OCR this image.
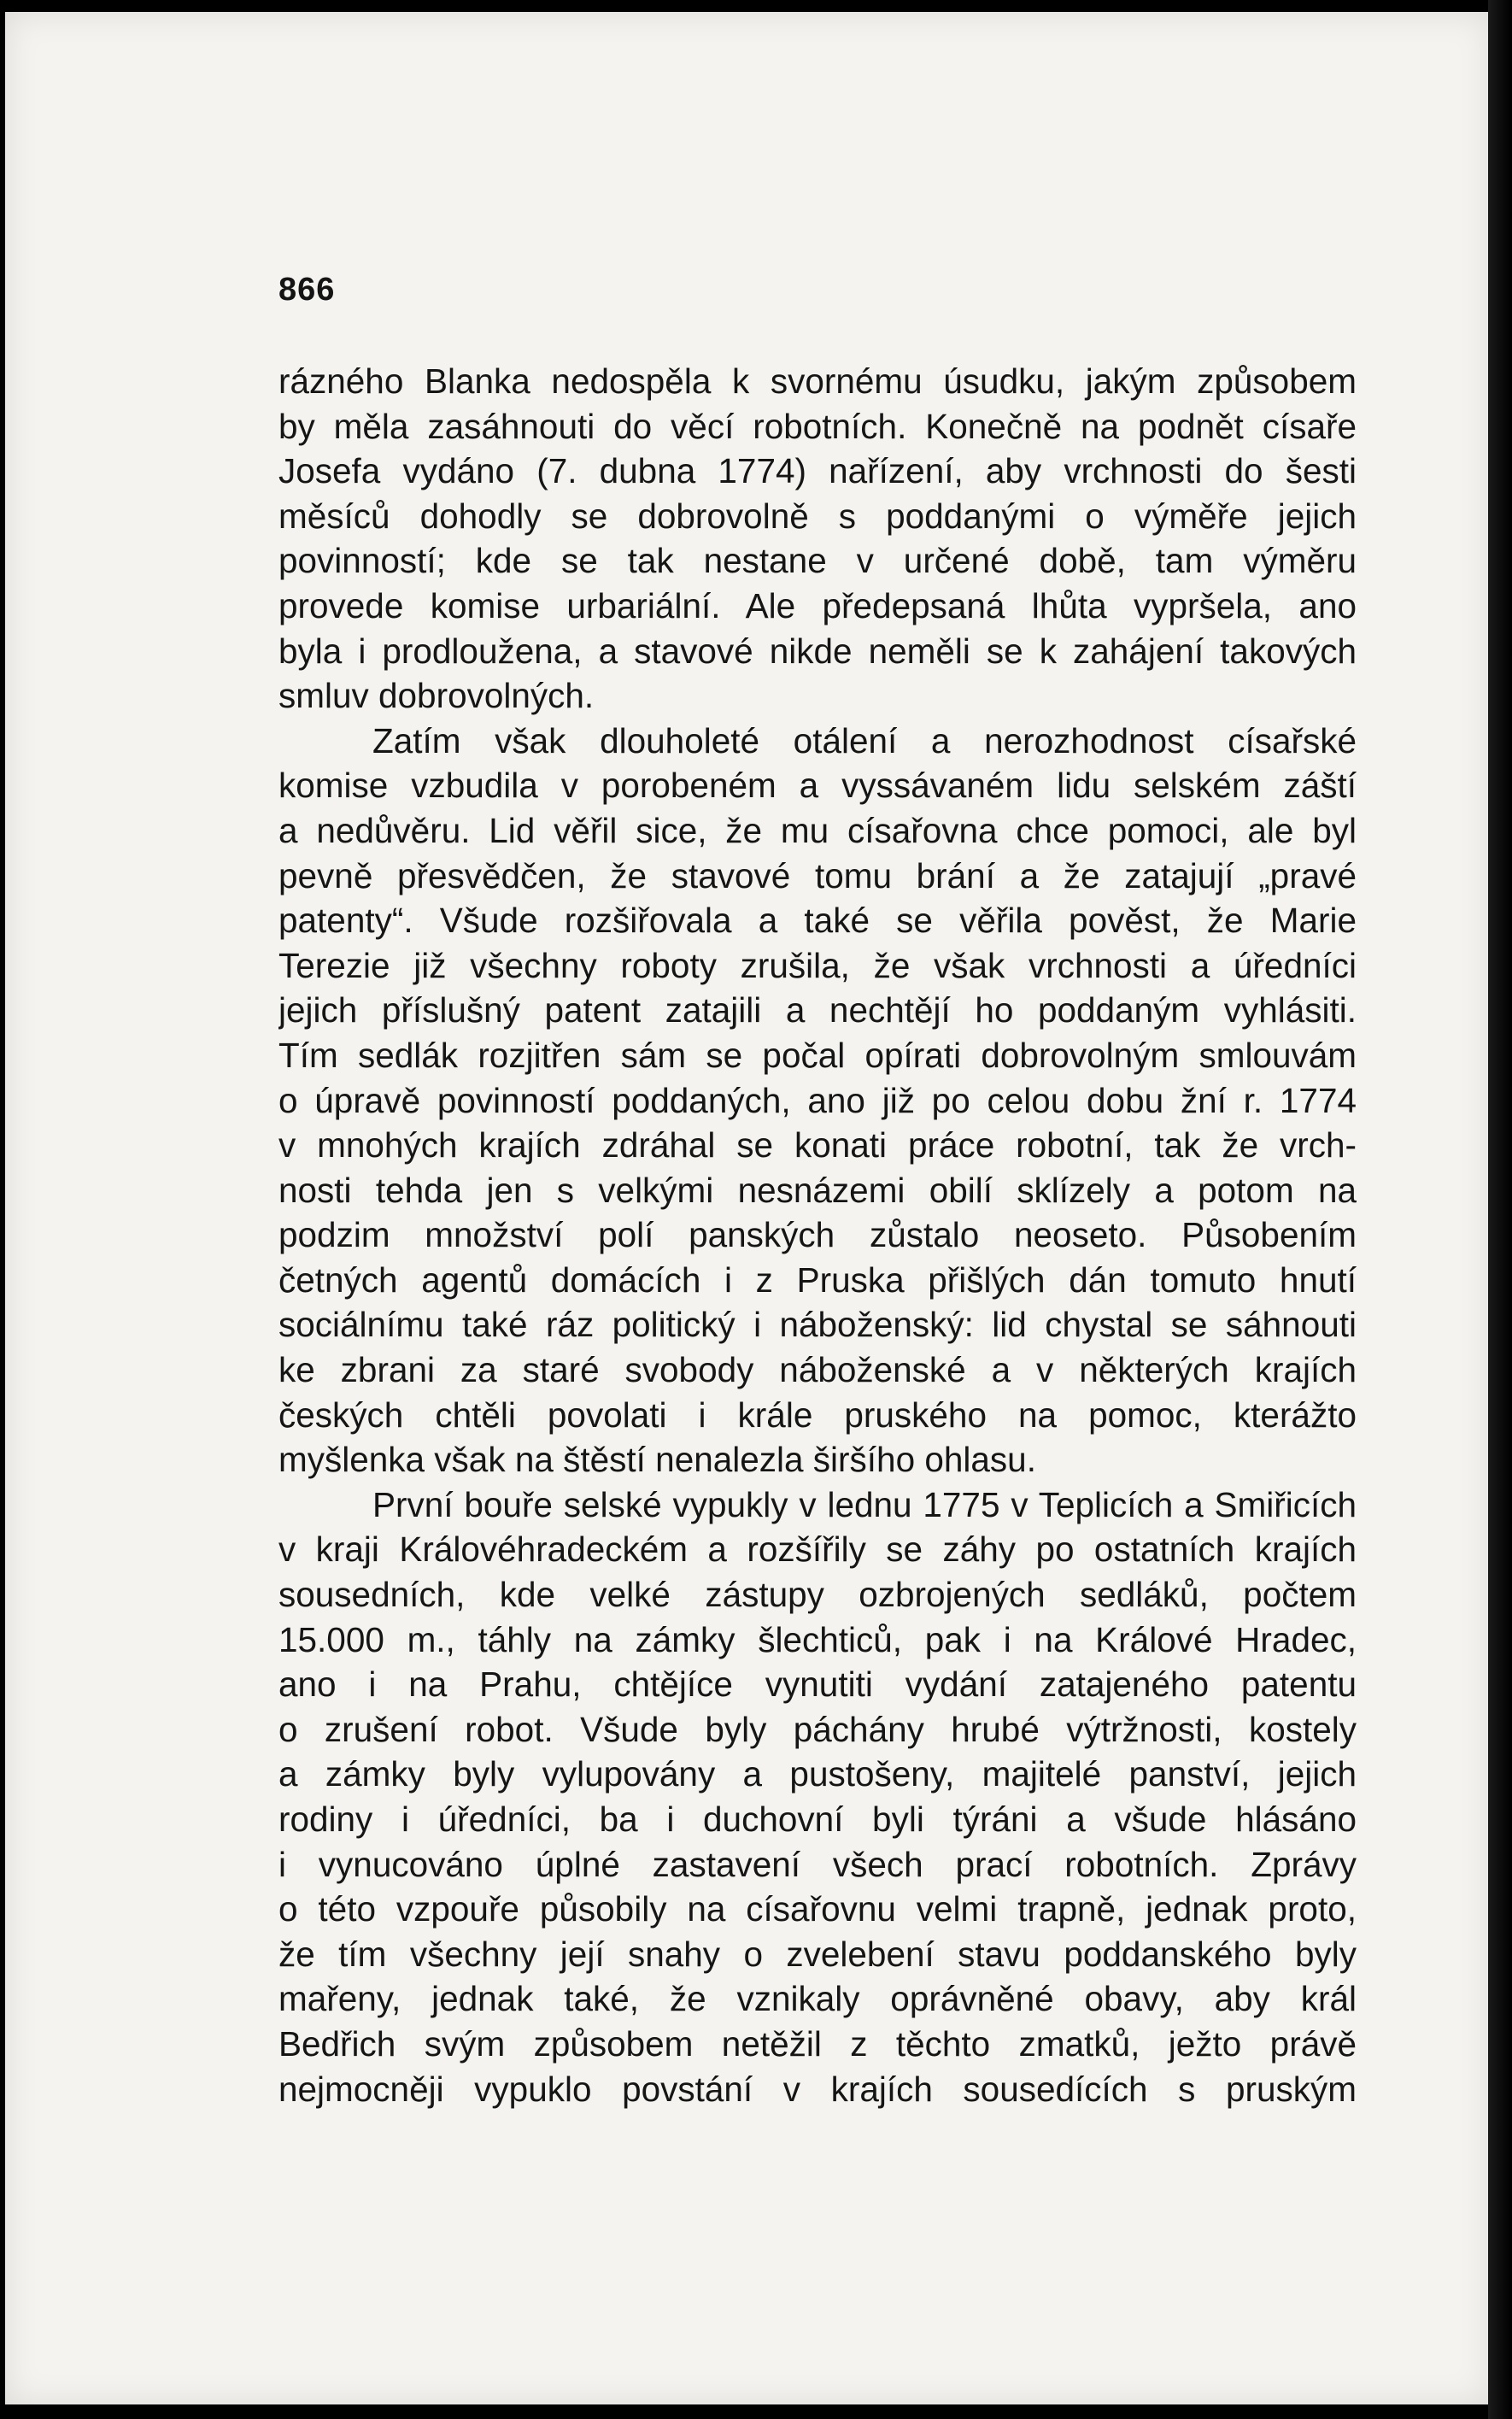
866
rázného Blanka nedospěla k svornému úsudku, jakým způsobem
by měla zasáhnouti do věcí robotních. Konečně na podnět císaře
Josefa vydáno (7. dubna 1774) nařízení, aby vrchnosti do šesti
měsíců dohodly se dobrovolně s poddanými o výměře jejich
povinností; kde se tak nestane v určené době, tam výměru
provede komise urbariální. Ale předepsaná lhůta vypršela, ano
byla i prodloužena, a stavové nikde neměli se k zahájení takových
smluv dobrovolných.
Zatím však dlouholeté otálení a nerozhodnost císařské
komise vzbudila v porobeném a vyssávaném lidu selském záští
a nedůvěru. Lid věřil sice, že mu císařovna chce pomoci, ale byl
pevně přesvědčen, že stavové tomu brání a že zatajují „pravé
patenty“. Všude rozšiřovala a také se věřila pověst, že Marie
Terezie již všechny roboty zrušila, že však vrchnosti a úředníci
jejich příslušný patent zatajili a nechtějí ho poddaným vyhlásiti.
Tím sedlák rozjitřen sám se počal opírati dobrovolným smlouvám
o úpravě povinností poddaných, ano již po celou dobu žní r. 1774
v mnohých krajích zdráhal se konati práce robotní, tak že vrch-
nosti tehda jen s velkými nesnázemi obilí sklízely a potom na
podzim množství polí panských zůstalo neoseto. Působením
četných agentů domácích i z Pruska přišlých dán tomuto hnutí
sociálnímu také ráz politický i náboženský: lid chystal se sáhnouti
ke zbrani za staré svobody náboženské a v některých krajích
českých chtěli povolati i krále pruského na pomoc, kterážto
myšlenka však na štěstí nenalezla širšího ohlasu.
První bouře selské vypukly v lednu 1775 v Teplicích a Smiřicích
v kraji Královéhradeckém a rozšířily se záhy po ostatních krajích
sousedních, kde velké zástupy ozbrojených sedláků, počtem
15.000 m., táhly na zámky šlechticů, pak i na Králové Hradec,
ano i na Prahu, chtějíce vynutiti vydání zatajeného patentu
o zrušení robot. Všude byly páchány hrubé výtržnosti, kostely
a zámky byly vylupovány a pustošeny, majitelé panství, jejich
rodiny i úředníci, ba i duchovní byli týráni a všude hlásáno
i vynucováno úplné zastavení všech prací robotních. Zprávy
o této vzpouře působily na císařovnu velmi trapně, jednak proto,
že tím všechny její snahy o zvelebení stavu poddanského byly
mařeny, jednak také, že vznikaly oprávněné obavy, aby král
Bedřich svým způsobem netěžil z těchto zmatků, ježto právě
nejmocněji vypuklo povstání v krajích sousedících s pruským
